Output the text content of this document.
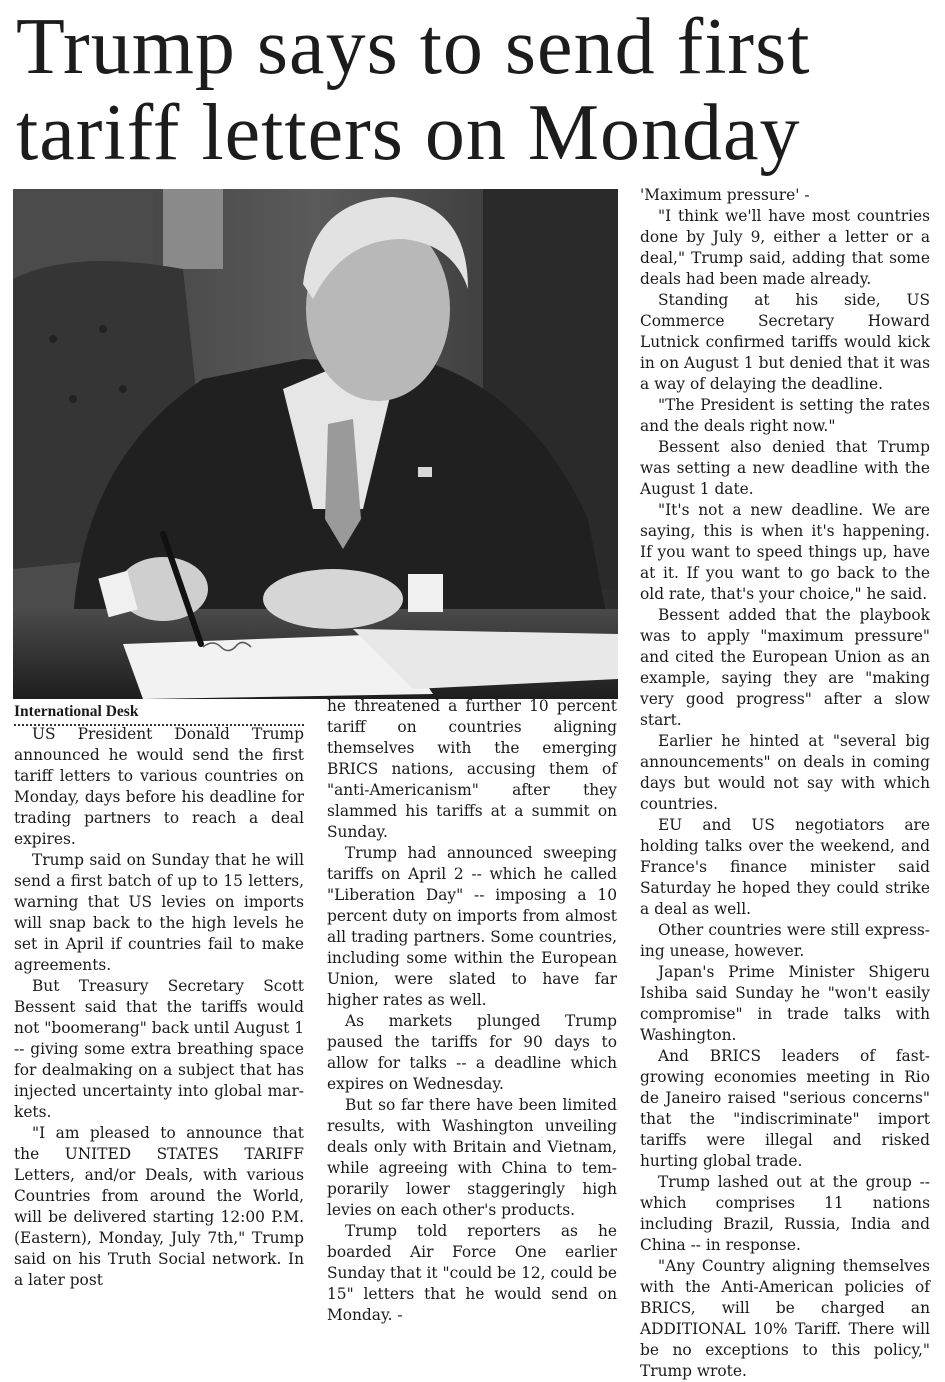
Trump says to send first tariff letters on Monday
International Desk

US President Donald Trump announced he would send the first tariff letters to various countries on Monday, days before his deadline for trading partners to reach a deal expires.

Trump said on Sunday that he will send a first batch of up to 15 letters, warning that US levies on imports will snap back to the high levels he set in April if countries fail to make agreements.

But Treasury Secretary Scott Bessent said that the tariffs would not "boomerang" back until August 1 -- giving some extra breathing space for dealmaking on a subject that has injected uncertainty into global markets.

"I am pleased to announce that the UNITED STATES TARIFF Letters, and/or Deals, with various Countries from around the World, will be delivered starting 12:00 P.M. (Eastern), Monday, July 7th," Trump said on his Truth Social network. In a later post

he threatened a further 10 percent tariff on countries aligning themselves with the emerging BRICS nations, accusing them of "anti-Americanism" after they slammed his tariffs at a summit on Sunday.

Trump had announced sweeping tariffs on April 2 -- which he called "Liberation Day" -- imposing a 10 percent duty on imports from almost all trading partners. Some countries, including some within the European Union, were slated to have far higher rates as well.

As markets plunged Trump paused the tariffs for 90 days to allow for talks -- a deadline which expires on Wednesday.

But so far there have been limited results, with Washington unveiling deals only with Britain and Vietnam, while agreeing with China to temporarily lower staggeringly high levies on each other's products.

Trump told reporters as he boarded Air Force One earlier Sunday that it "could be 12, could be 15" letters that he would send on Monday. -

'Maximum pressure' -

"I think we'll have most countries done by July 9, either a letter or a deal," Trump said, adding that some deals had been made already.

Standing at his side, US Commerce Secretary Howard Lutnick confirmed tariffs would kick in on August 1 but denied that it was a way of delaying the deadline.

"The President is setting the rates and the deals right now."

Bessent also denied that Trump was setting a new deadline with the August 1 date.

"It's not a new deadline. We are saying, this is when it's happening. If you want to speed things up, have at it. If you want to go back to the old rate, that's your choice," he said.

Bessent added that the playbook was to apply "maximum pressure" and cited the European Union as an example, saying they are "making very good progress" after a slow start.

Earlier he hinted at "several big announcements" on deals in coming days but would not say with which countries.

EU and US negotiators are holding talks over the weekend, and France's finance minister said Saturday he hoped they could strike a deal as well.

Other countries were still expressing unease, however.

Japan's Prime Minister Shigeru Ishiba said Sunday he "won't easily compromise" in trade talks with Washington.

And BRICS leaders of fast-growing economies meeting in Rio de Janeiro raised "serious concerns" that the "indiscriminate" import tariffs were illegal and risked hurting global trade.

Trump lashed out at the group -- which comprises 11 nations including Brazil, Russia, India and China -- in response.

"Any Country aligning themselves with the Anti-American policies of BRICS, will be charged an ADDITIONAL 10% Tariff. There will be no exceptions to this policy," Trump wrote.
